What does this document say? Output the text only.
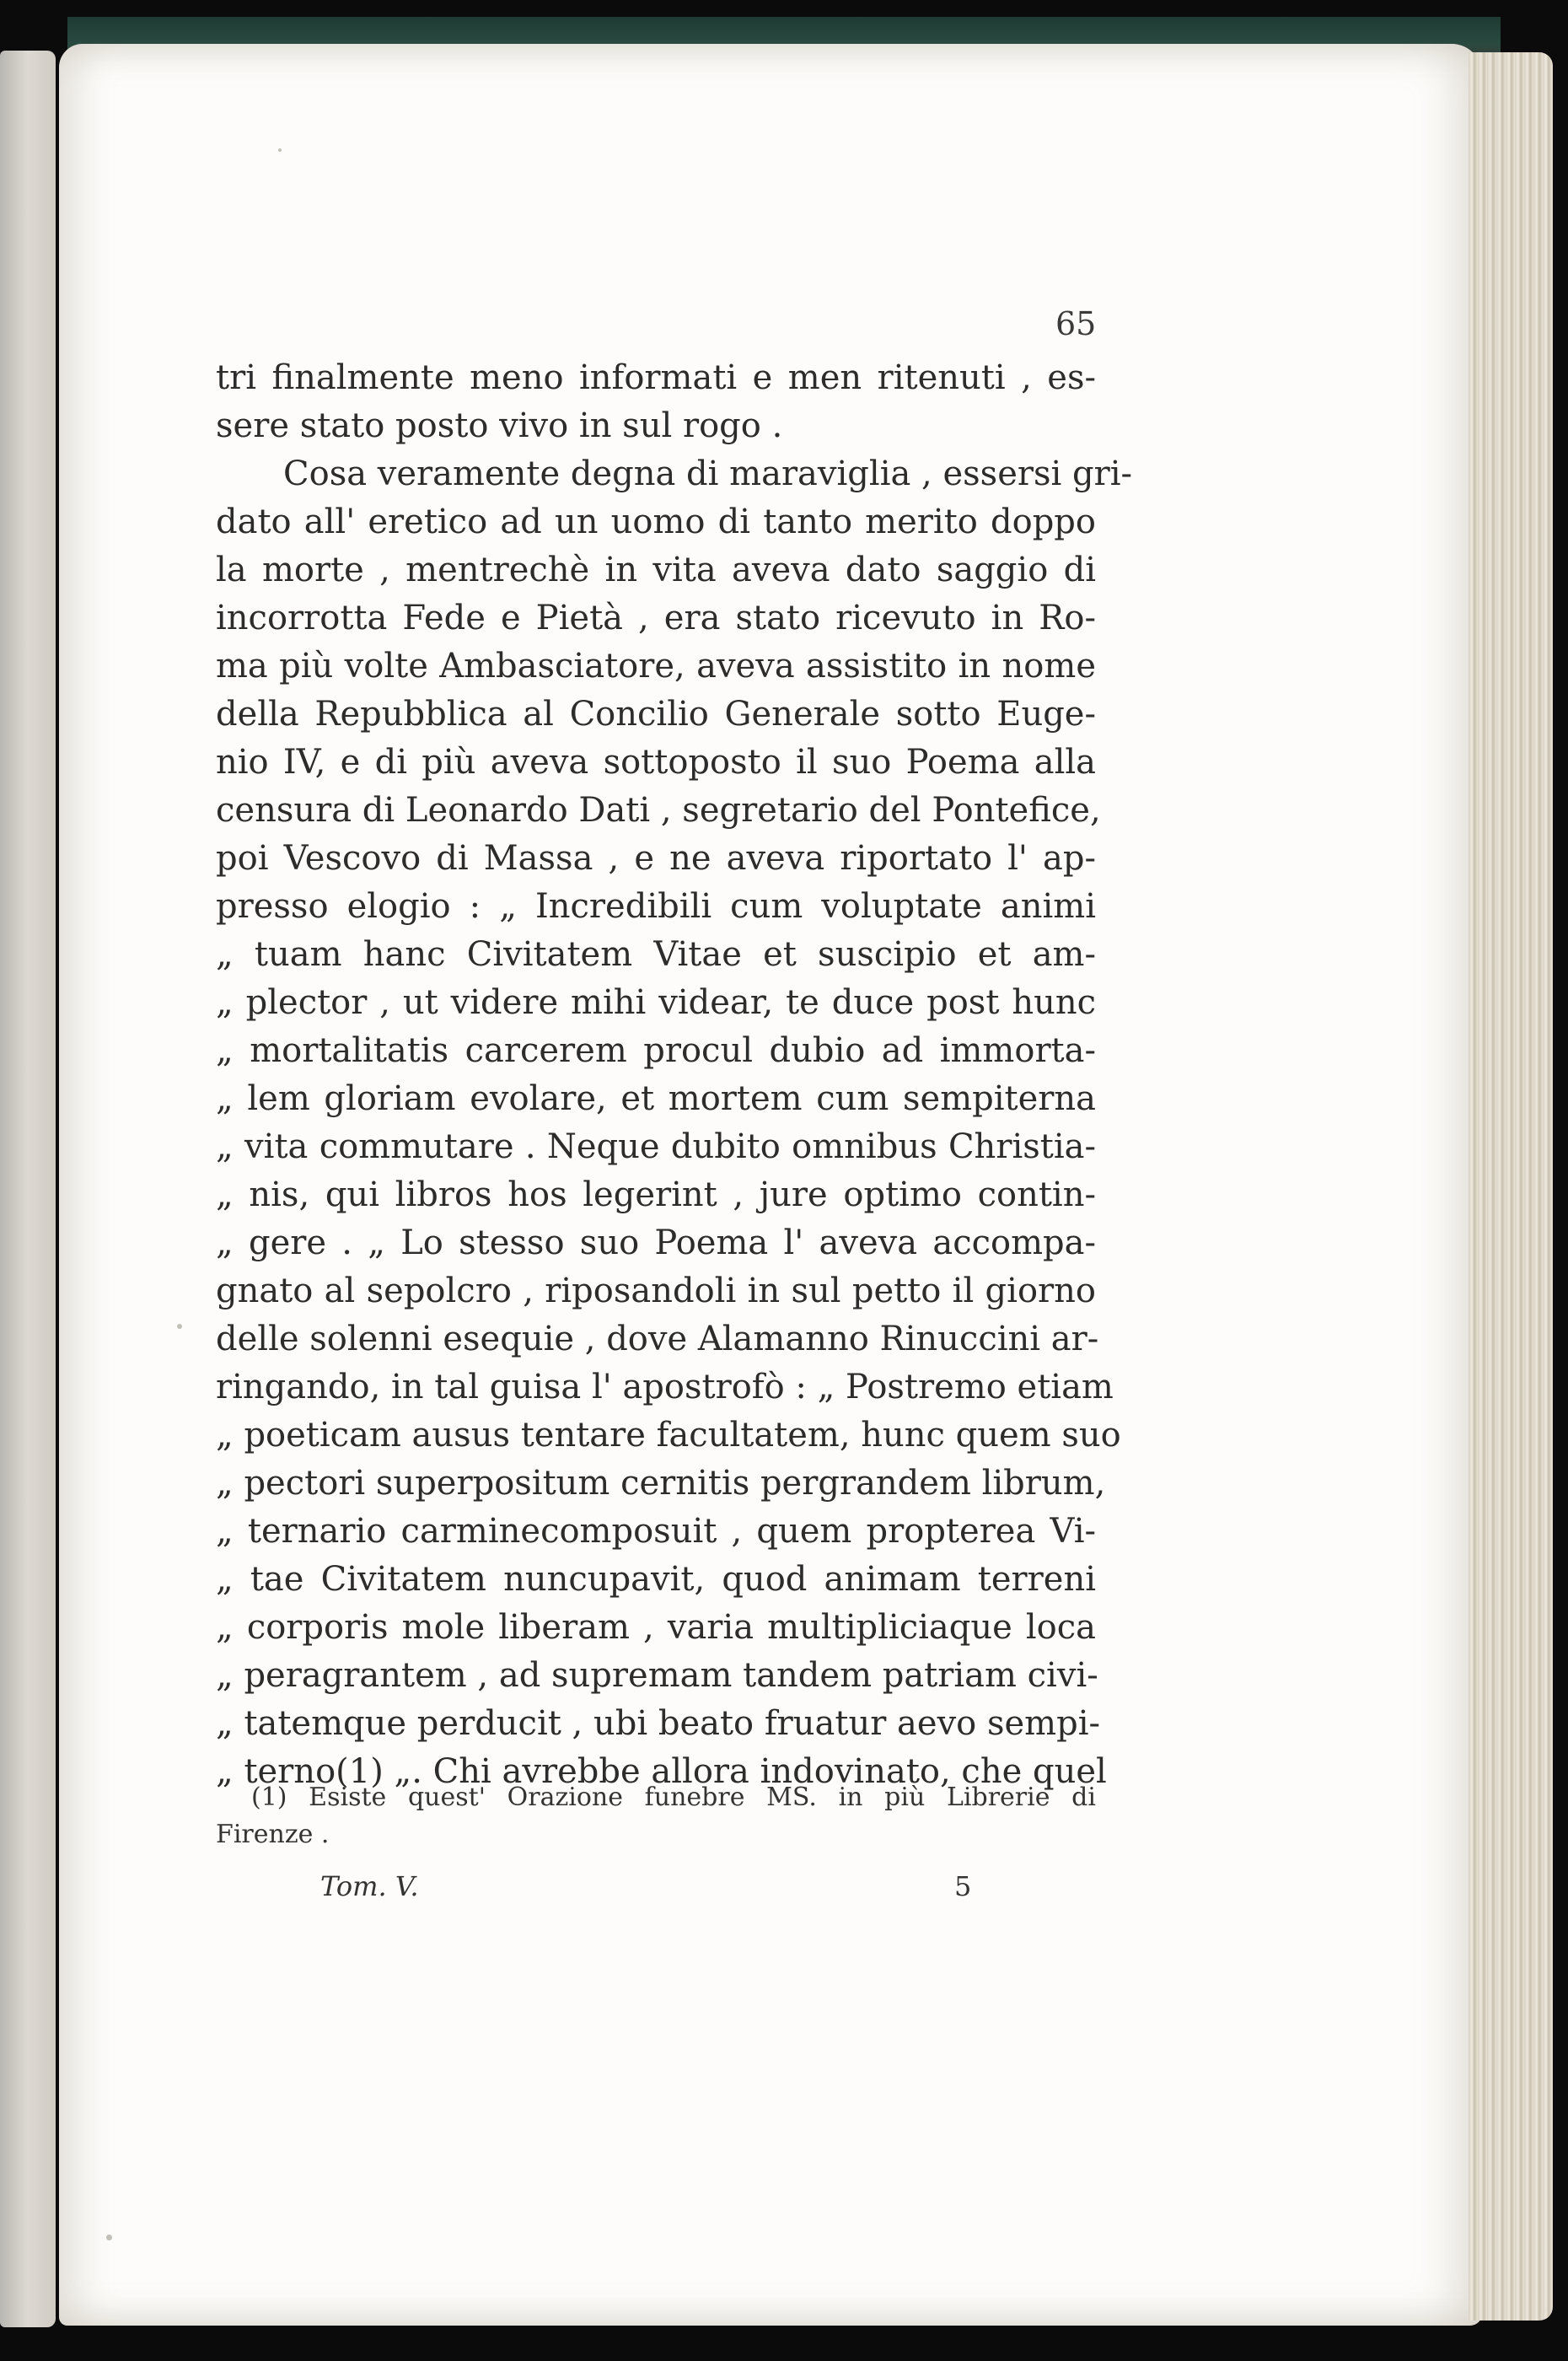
65
tri finalmente meno informati e men ritenuti , es-
sere stato posto vivo in sul rogo .
Cosa veramente degna di maraviglia , essersi gri-
dato all' eretico ad un uomo di tanto merito doppo
la morte , mentrechè in vita aveva dato saggio di
incorrotta Fede e Pietà , era stato ricevuto in Ro-
ma più volte Ambasciatore, aveva assistito in nome
della Repubblica al Concilio Generale sotto Euge-
nio IV, e di più aveva sottoposto il suo Poema alla
censura di Leonardo Dati , segretario del Pontefice,
poi Vescovo di Massa , e ne aveva riportato l' ap-
presso elogio : „ Incredibili cum voluptate animi
„ tuam hanc Civitatem Vitae et suscipio et am-
„ plector , ut videre mihi videar, te duce post hunc
„ mortalitatis carcerem procul dubio ad immorta-
„ lem gloriam evolare, et mortem cum sempiterna
„ vita commutare . Neque dubito omnibus Christia-
„ nis, qui libros hos legerint , jure optimo contin-
„ gere . „ Lo stesso suo Poema l' aveva accompa-
gnato al sepolcro , riposandoli in sul petto il giorno
delle solenni esequie , dove Alamanno Rinuccini ar-
ringando, in tal guisa l' apostrofò : „ Postremo etiam
„ poeticam ausus tentare facultatem, hunc quem suo
„ pectori superpositum cernitis pergrandem librum,
„ ternario carminecomposuit , quem propterea Vi-
„ tae Civitatem nuncupavit, quod animam terreni
„ corporis mole liberam , varia multipliciaque loca
„ peragrantem , ad supremam tandem patriam civi-
„ tatemque perducit , ubi beato fruatur aevo sempi-
„ terno(1) „. Chi avrebbe allora indovinato, che quel
(1) Esiste quest' Orazione funebre MS. in più Librerie di
Firenze .
Tom. V.	5
